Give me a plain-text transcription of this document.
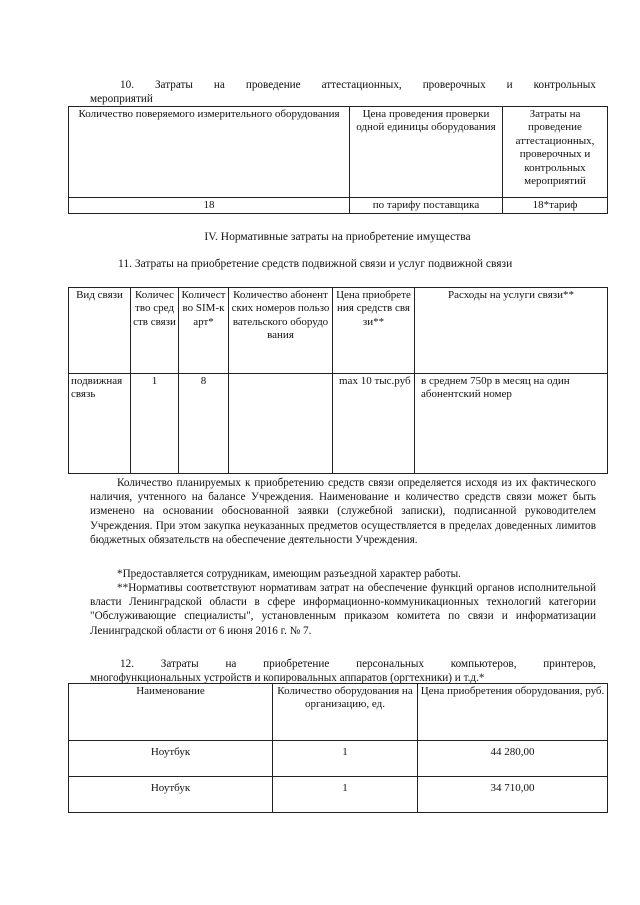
10. Затраты на проведение аттестационных, проверочных и контрольных
мероприятий
Количество поверяемого измерительного оборудования	Цена проведения проверки одной единицы оборудования	Затраты на проведение аттестационных, проверочных и контрольных мероприятий
18	по тарифу поставщика	18*тариф
IV. Нормативные затраты на приобретение имущества
11. Затраты на приобретение средств подвижной связи и услуг подвижной связи
Вид связи	Количество средств связи	Количество SIM-карт*	Количество абонентских номеров пользовательского оборудования	Цена приобретения средств связи**	Расходы на услуги связи**
подвижная связь	1	8		max 10 тыс.руб	в среднем 750р в месяц на один абонентский номер
Количество планируемых к приобретению средств связи определяется исходя из их фактического наличия, учтенного на балансе Учреждения. Наименование и количество средств связи может быть изменено на основании обоснованной заявки (служебной записки), подписанной руководителем Учреждения. При этом закупка неуказанных предметов осуществляется в пределах доведенных лимитов бюджетных обязательств на обеспечение деятельности Учреждения.
*Предоставляется сотрудникам, имеющим разъездной характер работы.
**Нормативы соответствуют нормативам затрат на обеспечение функций органов исполнительной власти Ленинградской области в сфере информационно-коммуникационных технологий категории "Обслуживающие специалисты", установленным приказом комитета по связи и информатизации Ленинградской области от 6 июня 2016 г. № 7.
12. Затраты на приобретение персональных компьютеров, принтеров,
многофункциональных устройств и копировальных аппаратов (оргтехники) и т.д.*
Наименование	Количество оборудования на организацию, ед.	Цена приобретения оборудования, руб.
Ноутбук	1	44 280,00
Ноутбук	1	34 710,00
